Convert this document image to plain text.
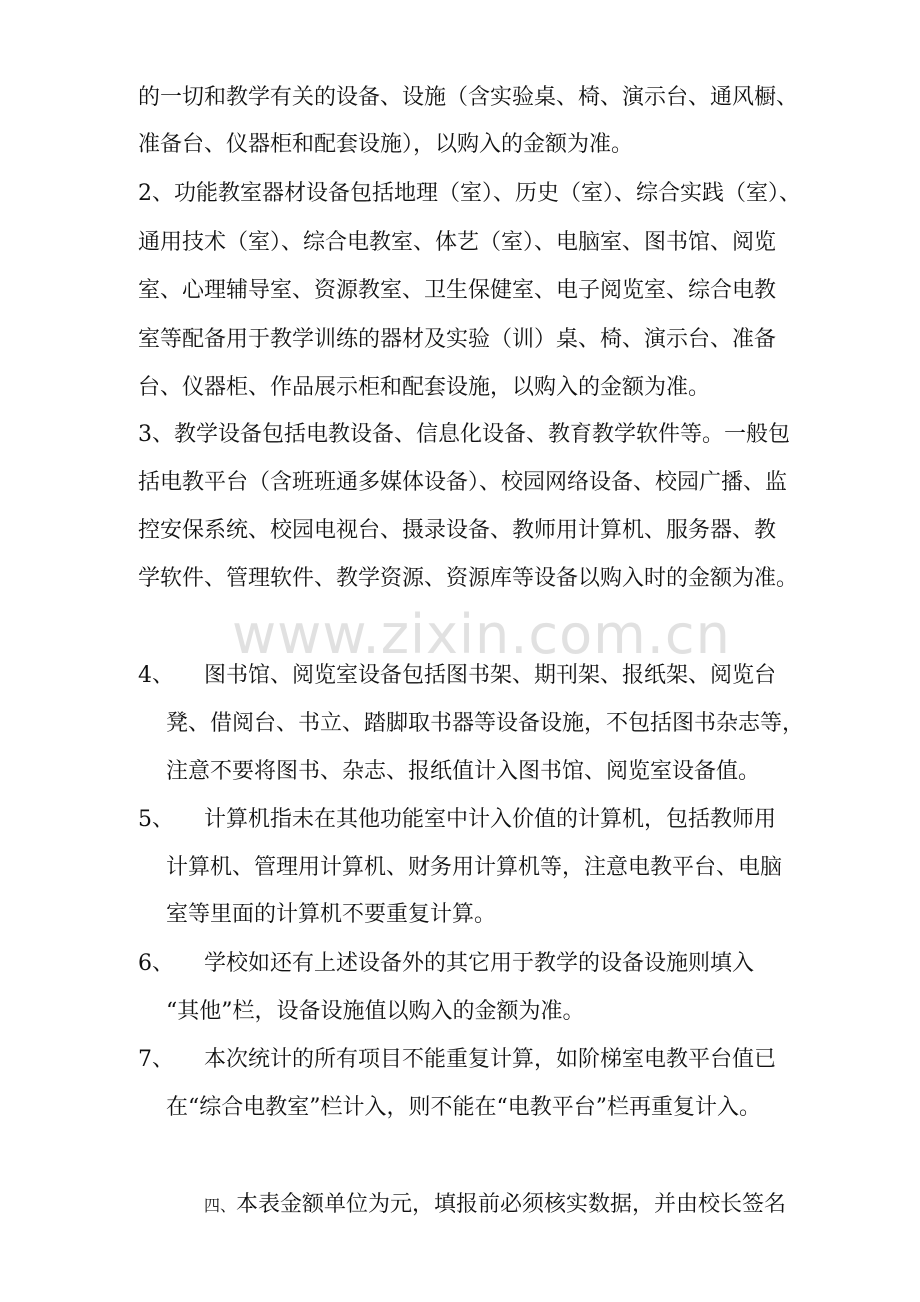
的一切和教学有关的设备、设施（含实验桌、椅、演示台、通风橱、
准备台、仪器柜和配套设施），以购入的金额为准。
2、功能教室器材设备包括地理（室）、历史（室）、综合实践（室）、
通用技术（室）、综合电教室、体艺（室）、电脑室、图书馆、阅览
室、心理辅导室、资源教室、卫生保健室、电子阅览室、综合电教
室等配备用于教学训练的器材及实验（训）桌、椅、演示台、准备
台、仪器柜、作品展示柜和配套设施，以购入的金额为准。
3、教学设备包括电教设备、信息化设备、教育教学软件等。一般包
括电教平台（含班班通多媒体设备）、校园网络设备、校园广播、监
控安保系统、校园电视台、摄录设备、教师用计算机、服务器、教
学软件、管理软件、教学资源、资源库等设备以购入时的金额为准。
www.zixin.com.cn
4、 图书馆、阅览室设备包括图书架、期刊架、报纸架、阅览台
凳、借阅台、书立、踏脚取书器等设备设施，不包括图书杂志等，
注意不要将图书、杂志、报纸值计入图书馆、阅览室设备值。
5、 计算机指未在其他功能室中计入价值的计算机，包括教师用
计算机、管理用计算机、财务用计算机等，注意电教平台、电脑
室等里面的计算机不要重复计算。
6、 学校如还有上述设备外的其它用于教学的设备设施则填入
“其他”栏，设备设施值以购入的金额为准。
7、 本次统计的所有项目不能重复计算，如阶梯室电教平台值已
在“综合电教室”栏计入，则不能在“电教平台”栏再重复计入。
四、本表金额单位为元，填报前必须核实数据，并由校长签名
